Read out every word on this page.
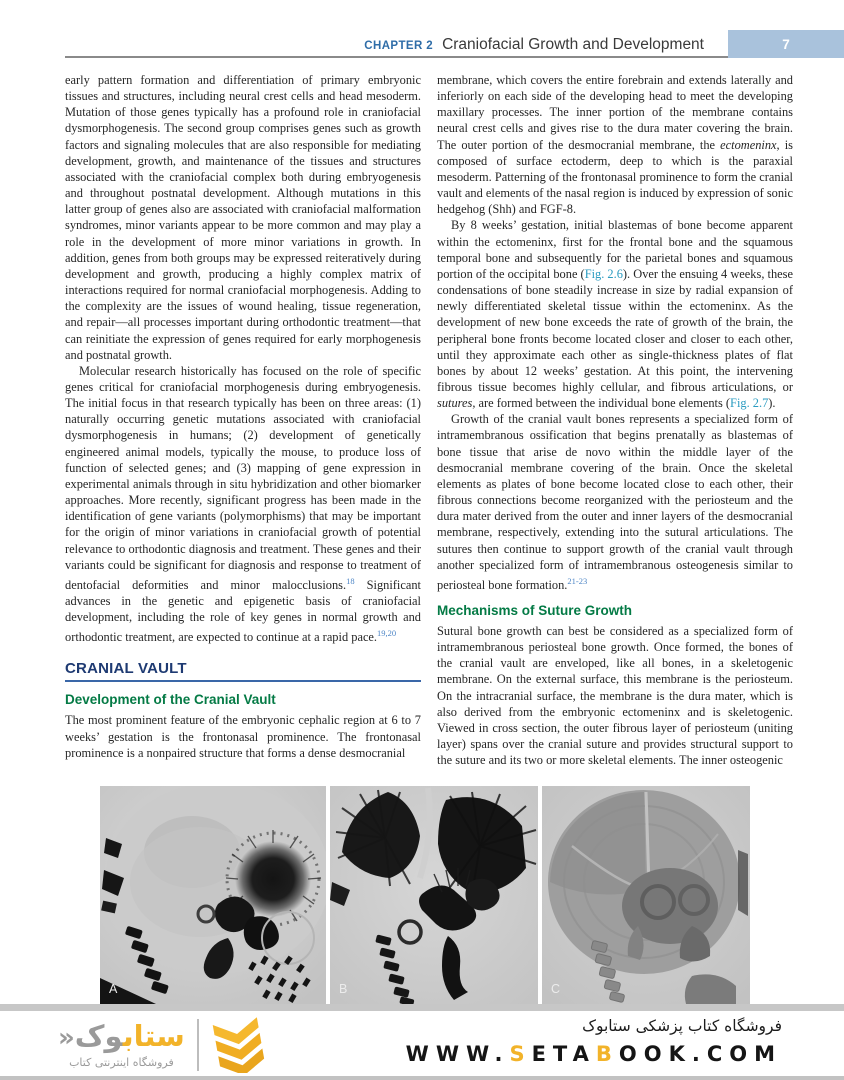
CHAPTER 2 Craniofacial Growth and Development	7

early pattern formation and differentiation of primary embryonic tissues and structures, including neural crest cells and head mesoderm. Mutation of those genes typically has a profound role in craniofacial dysmorphogenesis. The second group comprises genes such as growth factors and signaling molecules that are also responsible for mediating development, growth, and maintenance of the tissues and structures associated with the craniofacial complex both during embryogenesis and throughout postnatal development. Although mutations in this latter group of genes also are associated with craniofacial malformation syndromes, minor variants appear to be more common and may play a role in the development of more minor variations in growth. In addition, genes from both groups may be expressed reiteratively during development and growth, producing a highly complex matrix of interactions required for normal craniofacial morphogenesis. Adding to the complexity are the issues of wound healing, tissue regeneration, and repair—all processes important during orthodontic treatment—that can reinitiate the expression of genes required for early morphogenesis and postnatal growth.

Molecular research historically has focused on the role of specific genes critical for craniofacial morphogenesis during embryogenesis. The initial focus in that research typically has been on three areas: (1) naturally occurring genetic mutations associated with craniofacial dysmorphogenesis in humans; (2) development of genetically engineered animal models, typically the mouse, to produce loss of function of selected genes; and (3) mapping of gene expression in experimental animals through in situ hybridization and other biomarker approaches. More recently, significant progress has been made in the identification of gene variants (polymorphisms) that may be important for the origin of minor variations in craniofacial growth of potential relevance to orthodontic diagnosis and treatment. These genes and their variants could be significant for diagnosis and response to treatment of dentofacial deformities and minor malocclusions.$^{18}$ Significant advances in the genetic and epigenetic basis of craniofacial development, including the role of key genes in normal growth and orthodontic treatment, are expected to continue at a rapid pace.$^{19,20}$

CRANIAL VAULT
Development of the Cranial Vault

The most prominent feature of the embryonic cephalic region at 6 to 7 weeks’ gestation is the frontonasal prominence. The frontonasal prominence is a nonpaired structure that forms a dense desmocranial

membrane, which covers the entire forebrain and extends laterally and inferiorly on each side of the developing head to meet the developing maxillary processes. The inner portion of the membrane contains neural crest cells and gives rise to the dura mater covering the brain. The outer portion of the desmocranial membrane, the ectomeninx, is composed of surface ectoderm, deep to which is the paraxial mesoderm. Patterning of the frontonasal prominence to form the cranial vault and elements of the nasal region is induced by expression of sonic hedgehog (Shh) and FGF-8.

By 8 weeks’ gestation, initial blastemas of bone become apparent within the ectomeninx, first for the frontal bone and the squamous temporal bone and subsequently for the parietal bones and squamous portion of the occipital bone (Fig. 2.6). Over the ensuing 4 weeks, these condensations of bone steadily increase in size by radial expansion of newly differentiated skeletal tissue within the ectomeninx. As the development of new bone exceeds the rate of growth of the brain, the peripheral bone fronts become located closer and closer to each other, until they approximate each other as single-thickness plates of flat bones by about 12 weeks’ gestation. At this point, the intervening fibrous tissue becomes highly cellular, and fibrous articulations, or sutures, are formed between the individual bone elements (Fig. 2.7).

Growth of the cranial vault bones represents a specialized form of intramembranous ossification that begins prenatally as blastemas of bone tissue that arise de novo within the middle layer of the desmocranial membrane covering of the brain. Once the skeletal elements as plates of bone become located close to each other, their fibrous connections become reorganized with the periosteum and the dura mater derived from the outer and inner layers of the desmocranial membrane, respectively, extending into the sutural articulations. The sutures then continue to support growth of the cranial vault through another specialized form of intramembranous osteogenesis similar to periosteal bone formation.$^{21-23}$

Mechanisms of Suture Growth

Sutural bone growth can best be considered as a specialized form of intramembranous periosteal bone growth. Once formed, the bones of the cranial vault are enveloped, like all bones, in a skeletogenic membrane. On the external surface, this membrane is the periosteum. On the intracranial surface, the membrane is the dura mater, which is also derived from the embryonic ectomeninx and is skeletogenic. Viewed in cross section, the outer fibrous layer of periosteum (uniting layer) spans over the cranial suture and provides structural support to the suture and its two or more skeletal elements. The inner osteogenic

A	B	C
ستابوک«
فروشگاه اینترنتی کتاب
فروشگاه کتاب پزشکی ستابوک
WWW.SETABOOK.COM
